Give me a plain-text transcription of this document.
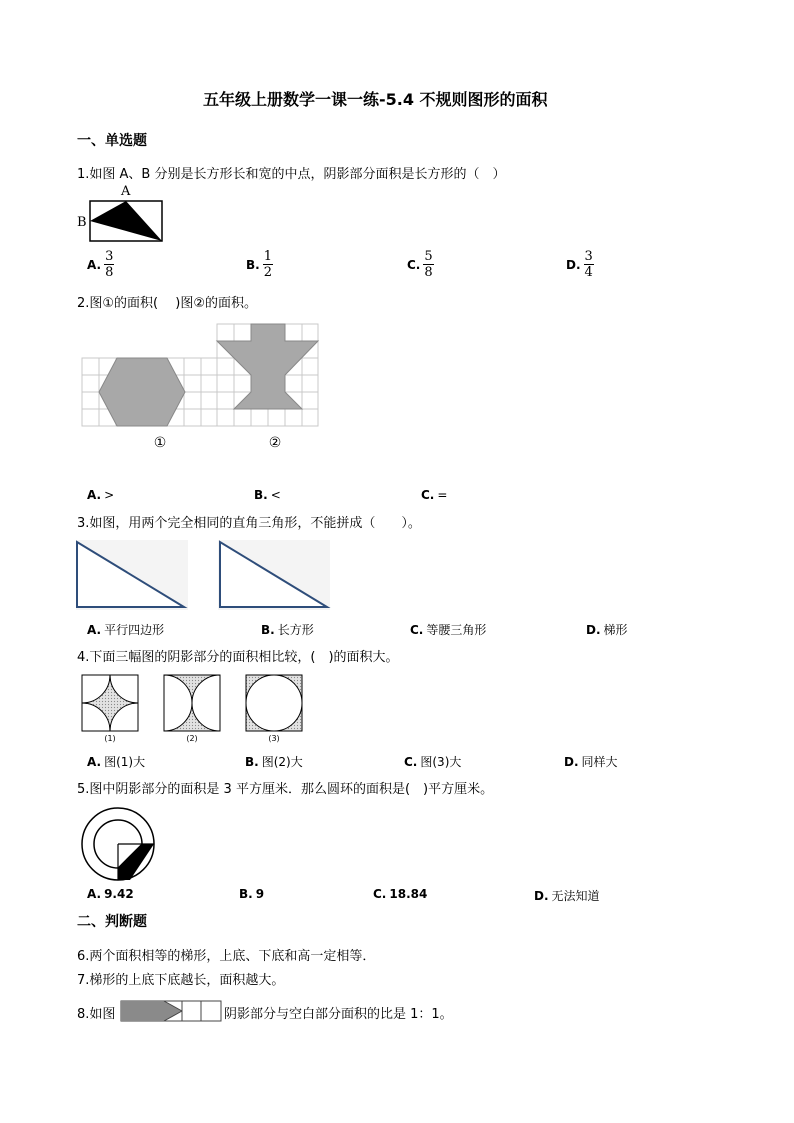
五年级上册数学一课一练-5.4 不规则图形的面积
一、单选题
1.如图 A、B 分别是长方形长和宽的中点，阴影部分面积是长方形的（　）
A
B
A. $\frac{3}{8}$	B. $\frac{1}{2}$	C. $\frac{5}{8}$	D. $\frac{3}{4}$
2.图①的面积(　 )图②的面积。
①	②
A. >	B. <	C. =
3.如图，用两个完全相同的直角三角形，不能拼成（　　）。
A. 平行四边形	B. 长方形	C. 等腰三角形	D. 梯形
4.下面三幅图的阴影部分的面积相比较，(　)的面积大。
(1)	(2)	(3)
A. 图(1)大	B. 图(2)大	C. 图(3)大	D. 同样大
5.图中阴影部分的面积是 3 平方厘米．那么圆环的面积是(　)平方厘米。
A. 9.42	B. 9	C. 18.84	D. 无法知道
二、判断题
6.两个面积相等的梯形，上底、下底和高一定相等．
7.梯形的上底下底越长，面积越大。
8.如图	阴影部分与空白部分面积的比是 1：1。
